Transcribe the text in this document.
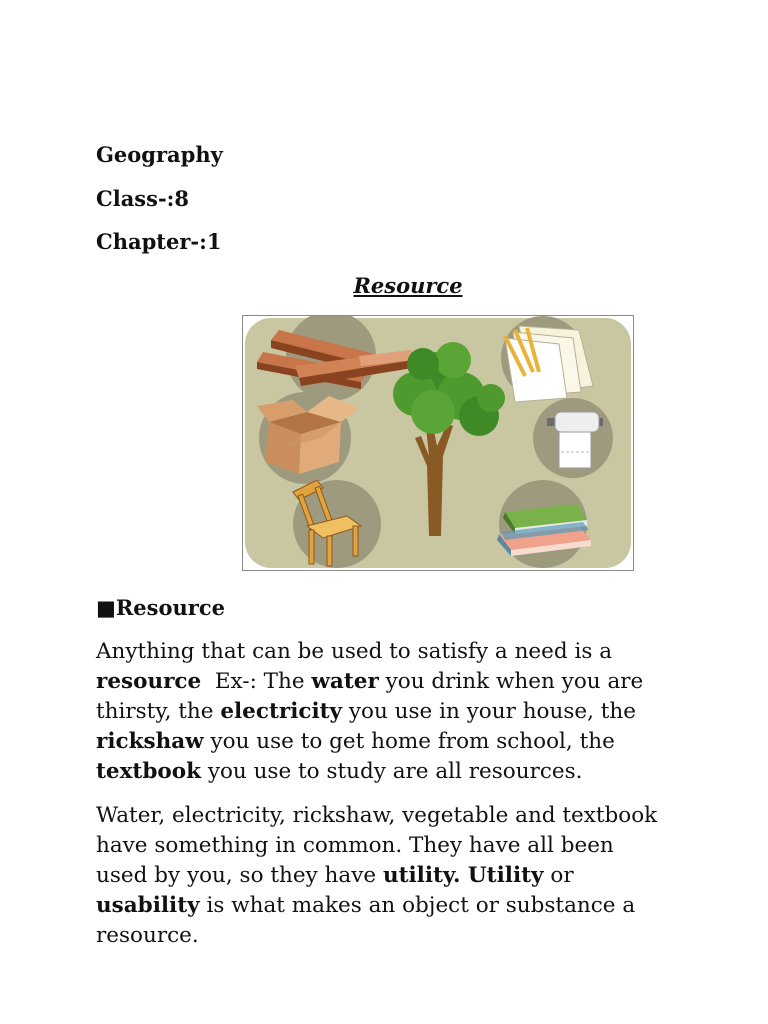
Geography
Class-:8
Chapter-:1
Resource
■Resource

Anything that can be used to satisfy a need is a resource  Ex-: The water you drink when you are thirsty, the electricity you use in your house, the rickshaw you use to get home from school, the textbook you use to study are all resources.

Water, electricity, rickshaw, vegetable and textbook have something in common. They have all been used by you, so they have utility. Utility or usability is what makes an object or substance a resource.
